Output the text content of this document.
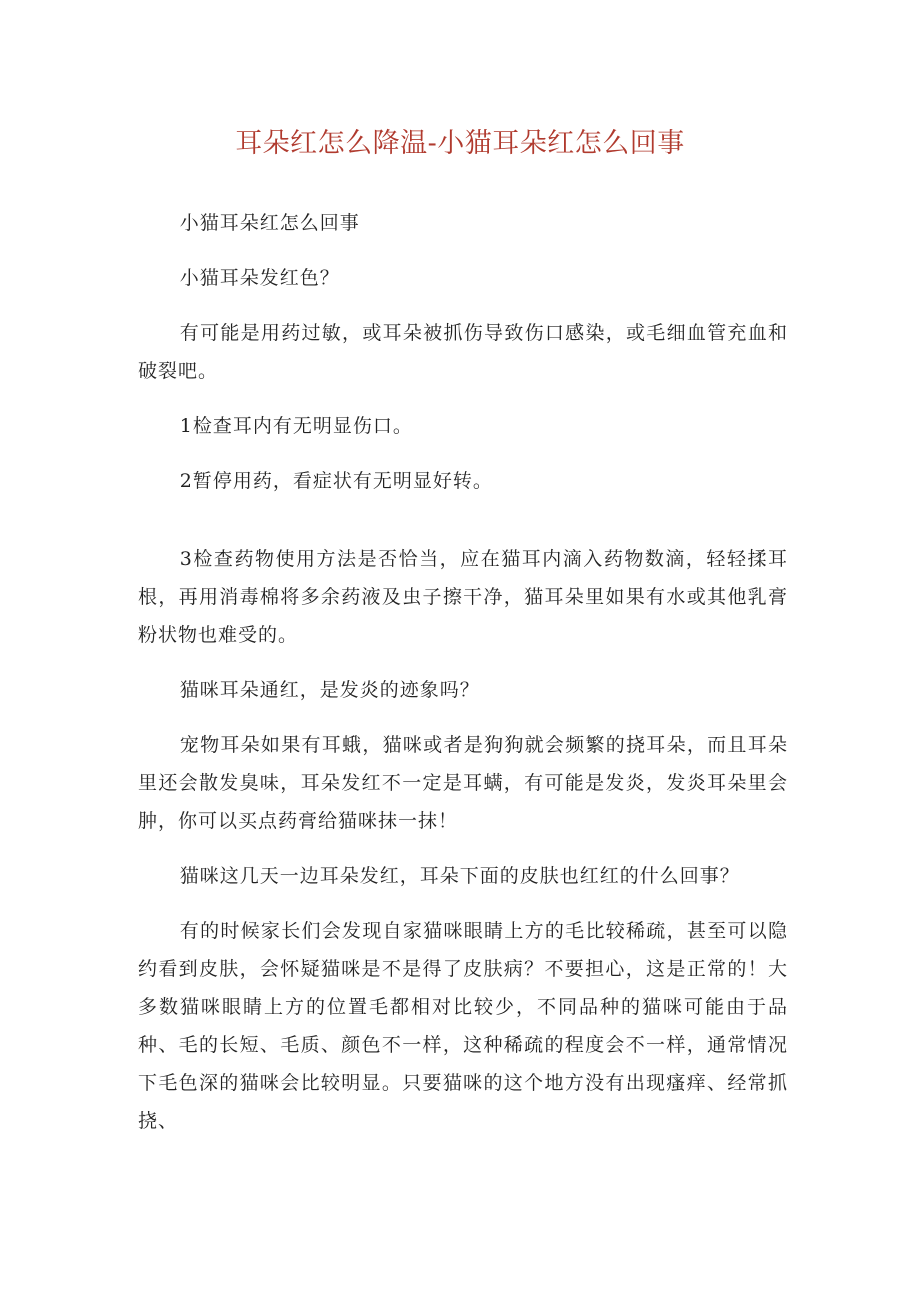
耳朵红怎么降温-小猫耳朵红怎么回事

小猫耳朵红怎么回事

小猫耳朵发红色？

有可能是用药过敏，或耳朵被抓伤导致伤口感染，或毛细血管充血和破裂吧。

1检查耳内有无明显伤口。

2暂停用药，看症状有无明显好转。

3检查药物使用方法是否恰当，应在猫耳内滴入药物数滴，轻轻揉耳根，再用消毒棉将多余药液及虫子擦干净，猫耳朵里如果有水或其他乳膏粉状物也难受的。

猫咪耳朵通红，是发炎的迹象吗？

宠物耳朵如果有耳蛾，猫咪或者是狗狗就会频繁的挠耳朵，而且耳朵里还会散发臭味，耳朵发红不一定是耳螨，有可能是发炎，发炎耳朵里会肿，你可以买点药膏给猫咪抹一抹！

猫咪这几天一边耳朵发红，耳朵下面的皮肤也红红的什么回事？

有的时候家长们会发现自家猫咪眼睛上方的毛比较稀疏，甚至可以隐约看到皮肤，会怀疑猫咪是不是得了皮肤病？不要担心，这是正常的！大多数猫咪眼睛上方的位置毛都相对比较少，不同品种的猫咪可能由于品种、毛的长短、毛质、颜色不一样，这种稀疏的程度会不一样，通常情况下毛色深的猫咪会比较明显。只要猫咪的这个地方没有出现瘙痒、经常抓挠、
